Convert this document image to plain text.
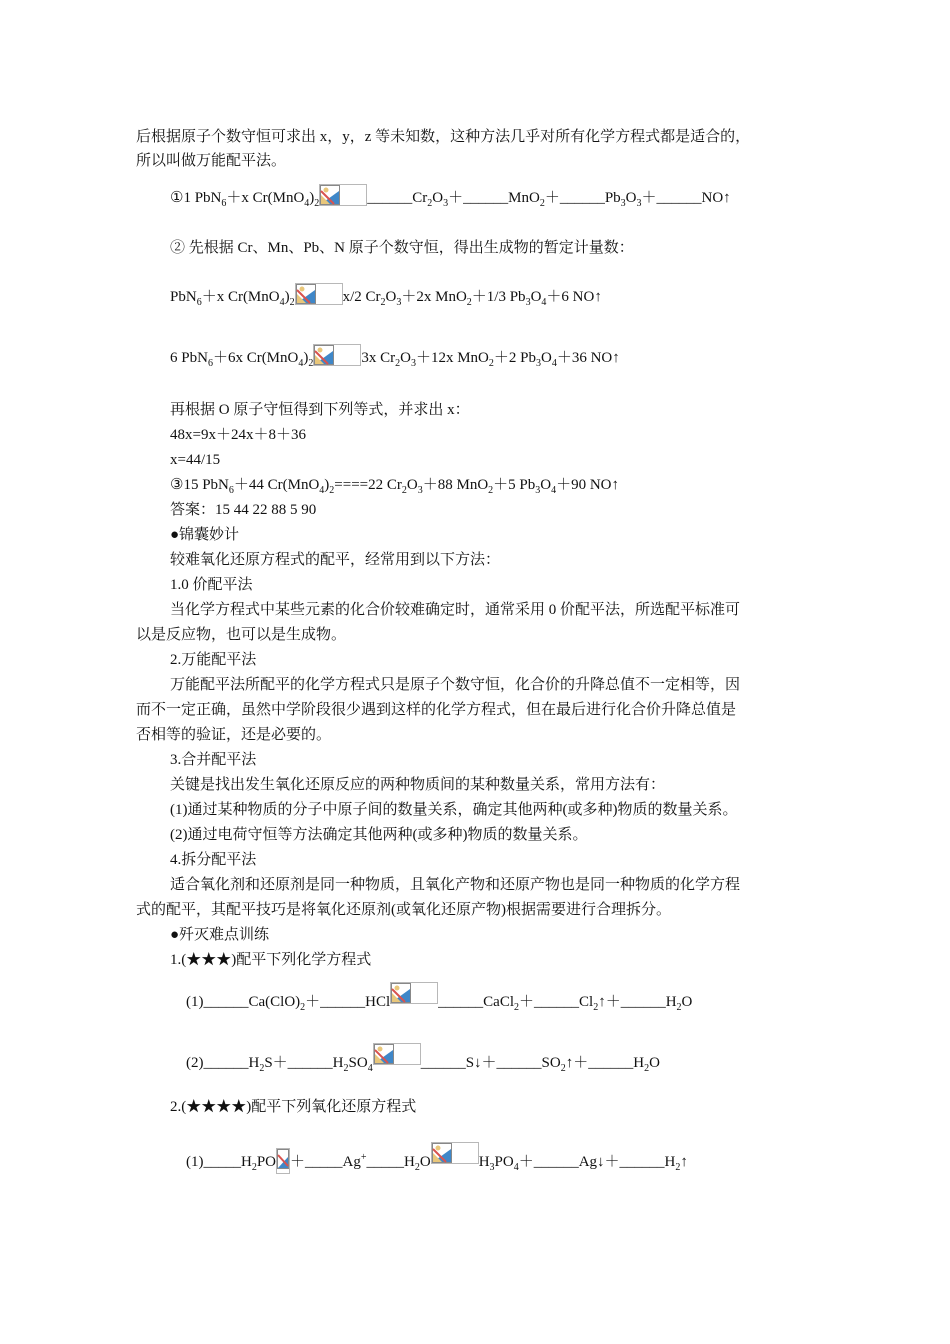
后根据原子个数守恒可求出 x，y，z 等未知数，这种方法几乎对所有化学方程式都是适合的，
所以叫做万能配平法。
①1 PbN$_6$＋x $Cr(MnO_4)_2$	$\_\_\_\_\_\_Cr_2O_3+\_\_\_\_\_\_MnO_2+\_\_\_\_\_\_Pb_3O_3+\_\_\_\_\_\_NO↑$
② 先根据 Cr、Mn、Pb、N 原子个数守恒，得出生成物的暂定计量数：
PbN$_6$＋x $Cr(MnO_4)_2$	x/2 $Cr_2O_3+2x$ MnO$_2$＋1/3 $Pb_3O_4+6$ NO↑
6 PbN$_6$＋6x $Cr(MnO_4)_2$	3x $Cr_2O_3+12x$ MnO$_2$＋2 $Pb_3O_4+36$ NO↑
再根据 O 原子守恒得到下列等式，并求出 x：
48x=9x＋24x＋8＋36
x=44/15
③15 PbN$_6$＋44 $Cr(MnO_4)_2====22$ $Cr_2O_3+88$ MnO$_2$＋5 $Pb_3O_4+90$ NO↑
答案：15 44 22 88 5 90
●锦囊妙计
较难氧化还原方程式的配平，经常用到以下方法：
1.0 价配平法
当化学方程式中某些元素的化合价较难确定时，通常采用 0 价配平法，所选配平标准可
以是反应物，也可以是生成物。
2.万能配平法
万能配平法所配平的化学方程式只是原子个数守恒，化合价的升降总值不一定相等，因
而不一定正确，虽然中学阶段很少遇到这样的化学方程式，但在最后进行化合价升降总值是
否相等的验证，还是必要的。
3.合并配平法
关键是找出发生氧化还原反应的两种物质间的某种数量关系，常用方法有：
(1)通过某种物质的分子中原子间的数量关系，确定其他两种(或多种)物质的数量关系。
(2)通过电荷守恒等方法确定其他两种(或多种)物质的数量关系。
4.拆分配平法
适合氧化剂和还原剂是同一种物质，且氧化产物和还原产物也是同一种物质的化学方程
式的配平，其配平技巧是将氧化还原剂(或氧化还原产物)根据需要进行合理拆分。
●歼灭难点训练
1.(★★★)配平下列化学方程式
$(1)\_\_\_\_\_\_Ca(ClO)_2+\_\_\_\_\_\_HCl$	$\_\_\_\_\_\_CaCl_2+\_\_\_\_\_\_Cl_2↑+\_\_\_\_\_\_H_2O$
$(2)\_\_\_\_\_\_H_2S+\_\_\_\_\_\_H_2SO_4$	$\_\_\_\_\_\_S↓+\_\_\_\_\_\_SO_2↑+\_\_\_\_\_\_H_2O$
2.(★★★★)配平下列氧化还原方程式
$(1)\_\_\_\_\_H_2PO$ $+\_\_\_\_\_Ag^+\_\_\_\_\_H_2O$	$H_3PO_4+\_\_\_\_\_\_Ag↓+\_\_\_\_\_\_H_2↑$
